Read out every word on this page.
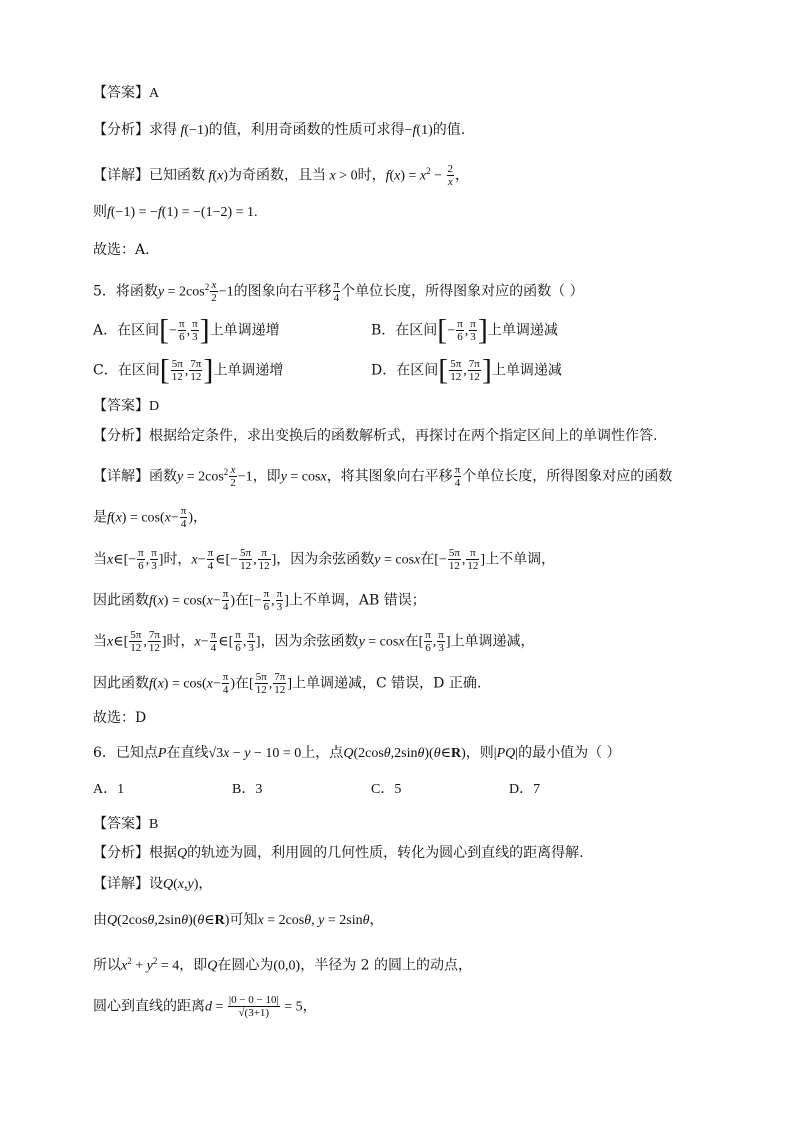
【答案】A
【分析】求得 f(−1)的值，利用奇函数的性质可求得−f(1)的值.
【详解】已知函数 f(x)为奇函数，且当 x > 0时，$f(x) = x^2 - \frac{2}{x}$ ，
则f(−1) = −f(1) = −(1−2) = 1.
故选：A.
5．将函数$y = 2\cos^2 \frac{x}{2} -1$的图象向右平移 $\frac{\pi}{4}$ 个单位长度，所得图象对应的函数（ ）
A．在区间[− $\frac{\pi}{6}$ , $\frac{\pi}{3}$ ]上单调递增	B．在区间[− $\frac{\pi}{6}$ , $\frac{\pi}{3}$ ]上单调递减
C．在区间[ $\frac{5\pi}{12}$ , $\frac{7\pi}{12}$ ]上单调递增	D．在区间[ $\frac{5\pi}{12}$ , $\frac{7\pi}{12}$ ]上单调递减
【答案】D
【分析】根据给定条件，求出变换后的函数解析式，再探讨在两个指定区间上的单调性作答.
【详解】函数$y = 2\cos^2 \frac{x}{2} -1$，即y = cosx，将其图象向右平移 $\frac{\pi}{4}$ 个单位长度，所得图象对应的函数
是$f(x) = \cos(x- \frac{\pi}{4}$ )，
当x∈[− $\frac{\pi}{6}$ , $\frac{\pi}{3}$ ]时，$x- \frac{\pi}{4}$ ∈[− $\frac{5\pi}{12}$ , $\frac{\pi}{12}$ ]，因为余弦函数y = cosx在[− $\frac{5\pi}{12}$ , $\frac{\pi}{12}$ ]上不单调，
因此函数$f(x) = \cos(x- \frac{\pi}{4}$ )在[− $\frac{\pi}{6}$ , $\frac{\pi}{3}$ ]上不单调，AB 错误；
当x∈[ $\frac{5\pi}{12}$ , $\frac{7\pi}{12}$ ]时，$x- \frac{\pi}{4}$ ∈[ $\frac{\pi}{6}$ , $\frac{\pi}{3}$ ]，因为余弦函数y = cosx在[ $\frac{\pi}{6}$ , $\frac{\pi}{3}$ ]上单调递减，
因此函数$f(x) = \cos(x- \frac{\pi}{4}$ )在[ $\frac{5\pi}{12}$ , $\frac{7\pi}{12}$ ]上单调递减，C 错误，D 正确.
故选：D
6．已知点P在直线√3x − y − 10 = 0上，点Q(2cosθ,2sinθ)(θ∈R)，则|PQ|的最小值为（ ）
A．1	B．3	C．5	D．7
【答案】B
【分析】根据Q的轨迹为圆，利用圆的几何性质，转化为圆心到直线的距离得解.
【详解】设Q(x,y)，
由Q(2cosθ,2sinθ)(θ∈R)可知x = 2cosθ, y = 2sinθ，
所以$x^2 + y^2 = 4$，即Q在圆心为(0,0)，半径为 2 的圆上的动点，
圆心到直线的距离$d = \frac{|0 - 0 - 10|}{√(3+1)} = 5$，
